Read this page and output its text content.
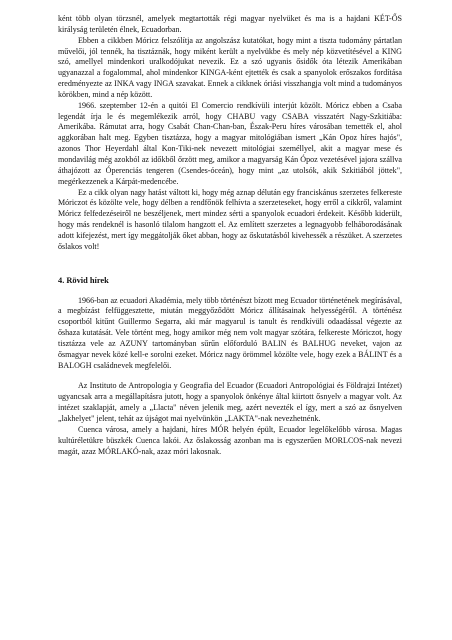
ként több olyan törzsnél, amelyek megtartották régi magyar nyelvüket és ma is a hajdani KÉT-ŐS királyság területén élnek, Ecuadorban.

Ebben a cikkben Móricz felszólítja az angolszász kutatókat, hogy mint a tiszta tudomány pártatlan művelői, jól tennék, ha tisztáznák, hogy miként került a nyelvükbe és mely nép közvetítésével a KING szó, amellyel mindenkori uralkodójukat nevezik. Ez a szó ugyanis ősidők óta létezik Amerikában ugyanazzal a fogalommal, ahol mindenkor KINGA-ként ejtették és csak a spanyolok erőszakos fordítása eredményezte az INKA vagy INGA szavakat. Ennek a cikknek óriási visszhangja volt mind a tudományos körökben, mind a nép között.

1966. szeptember 12-én a quitói El Comercio rendkívüli interjút közölt. Móricz ebben a Csaba legendát írja le és megemlékezik arról, hogy CHABU vagy CSABA visszatért Nagy-Szkitiába: Amerikába. Rámutat arra, hogy Csabát Chan-Chan-ban, Észak-Peru híres városában temették el, ahol aggkorában halt meg. Egyben tisztázza, hogy a magyar mitológiában ismert „Kán Opoz híres hajós", azonos Thor Heyerdahl által Kon-Tiki-nek nevezett mitológiai személlyel, akit a magyar mese és mondavilág még azokból az időkből őrzött meg, amikor a magyarság Kán Ópoz vezetésével jajora szállva áthajózott az Óperenciás tengeren (Csendes-óceán), hogy mint „az utolsók, akik Szkitiából jöttek", megérkezzenek a Kárpát-medencébe.

Ez a cikk olyan nagy hatást váltott ki, hogy még aznap délután egy franciskánus szerzetes felkereste Móriczot és közölte vele, hogy délben a rendfőnök felhívta a szerzeteseket, hogy erről a cikkről, valamint Móricz felfedezéseiről ne beszéljenek, mert mindez sérti a spanyolok ecuadori érdekeit. Később kiderült, hogy más rendeknél is hasonló tilalom hangzott el. Az említett szerzetes a legnagyobb felháborodásának adott kifejezést, mert így meggátolják őket abban, hogy az őskutatásból kivehessék a részüket. A szerzetes őslakos volt!

4. Rövid hírek

1966-ban az ecuadori Akadémia, mely több történészt bízott meg Ecuador történetének megírásával, a megbízást felfüggesztette, miután meggyőződött Móricz állításainak helyességéről. A történész csoportból kitűnt Guillermo Segarra, aki már magyarul is tanult és rendkívüli odaadással végezte az őshaza kutatását. Vele történt meg, hogy amikor még nem volt magyar szótára, felkereste Móriczot, hogy tisztázza vele az AZUNY tartományban sűrűn előforduló BALIN és BALHUG neveket, vajon az ősmagyar nevek közé kell-e sorolni ezeket. Móricz nagy örömmel közölte vele, hogy ezek a BÁLINT és a BALOGH családnevek megfelelői.

Az Instituto de Antropologia y Geografia del Ecuador (Ecuadori Antropológiai és Földrajzi Intézet) ugyancsak arra a megállapításra jutott, hogy a spanyolok önkénye által kiirtott ősnyelv a magyar volt. Az intézet szaklapját, amely a „Llacta" néven jelenik meg, azért nevezték el így, mert a szó az ősnyelven „lakhelyet" jelent, tehát az újságot mai nyelvünkön „LAKTA"-nak nevezhetnénk.

Cuenca városa, amely a hajdani, híres MÓR helyén épült, Ecuador legelőkelőbb városa. Magas kultúréletükre büszkék Cuenca lakói. Az őslakosság azonban ma is egyszerűen MORLCOS-nak nevezi magát, azaz MÓRLAKÓ-nak, azaz móri lakosnak.
